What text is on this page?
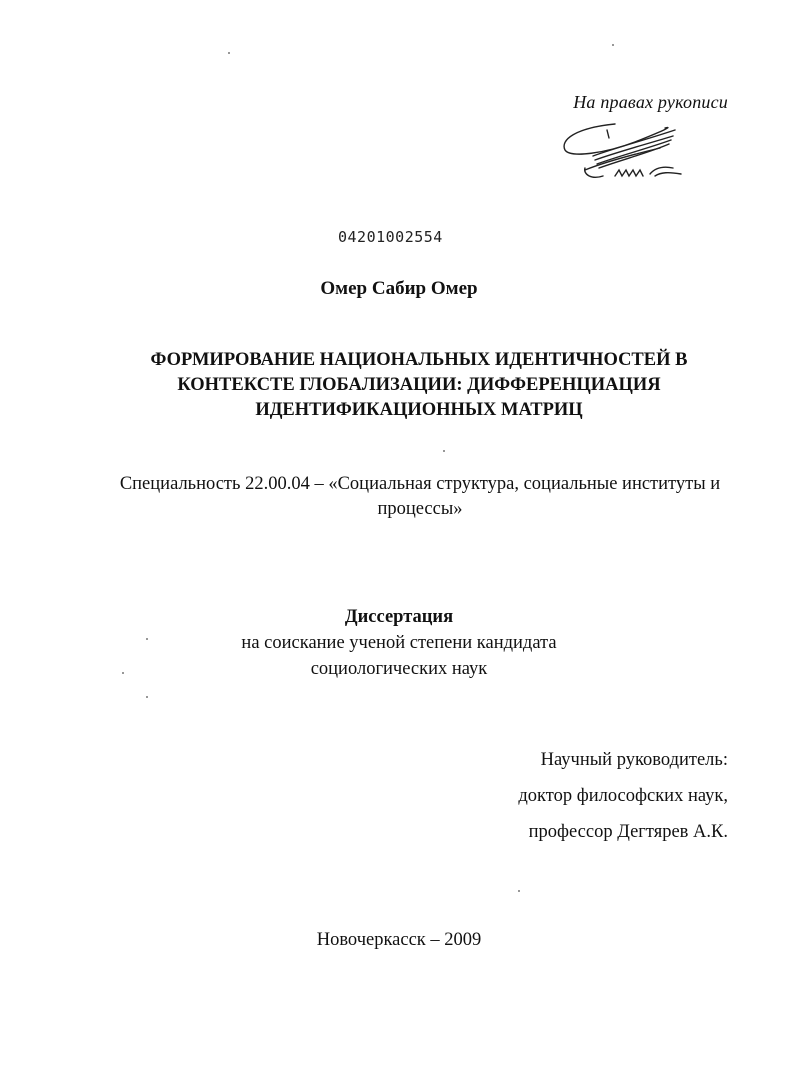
На правах рукописи
04201002554
Омер Сабир Омер
ФОРМИРОВАНИЕ НАЦИОНАЛЬНЫХ ИДЕНТИЧНОСТЕЙ В
КОНТЕКСТЕ ГЛОБАЛИЗАЦИИ: ДИФФЕРЕНЦИАЦИЯ
ИДЕНТИФИКАЦИОННЫХ МАТРИЦ
Специальность 22.00.04 – «Социальная структура, социальные институты и
процессы»
Диссертация
на соискание ученой степени кандидата
социологических наук
Научный руководитель:
доктор философских наук,
профессор Дегтярев А.К.
Новочеркасск – 2009
